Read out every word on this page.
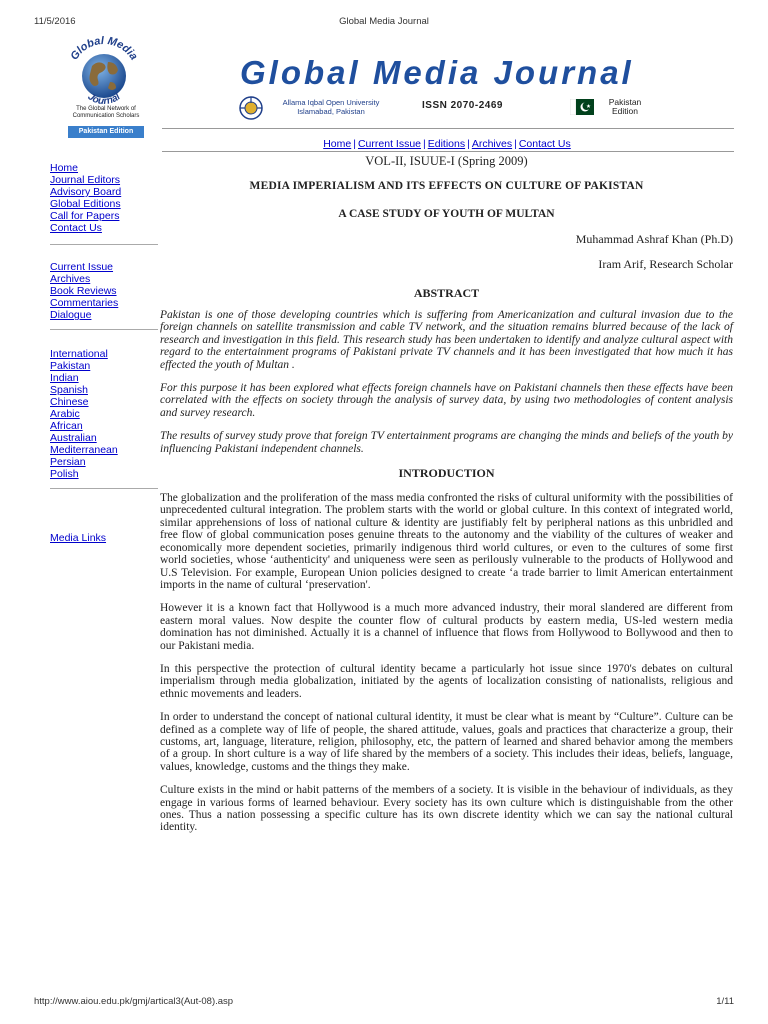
11/5/2016	Global Media Journal
Global Media
Journal
The Global Network of Communication Scholars
Pakistan Edition
Global Media Journal
Allama Iqbal Open University Islamabad, Pakistan
ISSN 2070-2469	Pakistan Edition
Home | Current Issue | Editions | Archives | Contact Us
Home
Journal Editors
Advisory Board
Global Editions
Call for Papers
Contact Us
Current Issue
Archives
Book Reviews
Commentaries
Dialogue
International
Pakistan
Indian
Spanish
Chinese
Arabic
African
Australian
Mediterranean
Persian
Polish
Media Links
VOL-II, ISUUE-I (Spring 2009)
MEDIA IMPERIALISM AND ITS EFFECTS ON CULTURE OF PAKISTAN
A CASE STUDY OF YOUTH OF MULTAN
Muhammad Ashraf Khan (Ph.D)
Iram Arif, Research Scholar
ABSTRACT

Pakistan is one of those developing countries which is suffering from Americanization and cultural invasion due to the foreign channels on satellite transmission and cable TV network, and the situation remains blurred because of the lack of research and investigation in this field. This research study has been undertaken to identify and analyze cultural aspect with regard to the entertainment programs of Pakistani private TV channels and it has been investigated that how much it has effected the youth of Multan .

For this purpose it has been explored what effects foreign channels have on Pakistani channels then these effects have been correlated with the effects on society through the analysis of survey data, by using two methodologies of content analysis and survey research.

The results of survey study prove that foreign TV entertainment programs are changing the minds and beliefs of the youth by influencing Pakistani independent channels.

INTRODUCTION

The globalization and the proliferation of the mass media confronted the risks of cultural uniformity with the possibilities of unprecedented cultural integration. The problem starts with the world or global culture. In this context of integrated world, similar apprehensions of loss of national culture & identity are justifiably felt by peripheral nations as this unbridled and free flow of global communication poses genuine threats to the autonomy and the viability of the cultures of weaker and economically more dependent societies, primarily indigenous third world cultures, or even to the cultures of some first world societies, whose ‘authenticity' and uniqueness were seen as perilously vulnerable to the products of Hollywood and U.S Television. For example, European Union policies designed to create ‘a trade barrier to limit American entertainment imports in the name of cultural ‘preservation'.

However it is a known fact that Hollywood is a much more advanced industry, their moral slandered are different from eastern moral values. Now despite the counter flow of cultural products by eastern media, US-led western media domination has not diminished. Actually it is a channel of influence that flows from Hollywood to Bollywood and then to our Pakistani media.

In this perspective the protection of cultural identity became a particularly hot issue since 1970's debates on cultural imperialism through media globalization, initiated by the agents of localization consisting of nationalists, religious and ethnic movements and leaders.

In order to understand the concept of national cultural identity, it must be clear what is meant by “Culture”. Culture can be defined as a complete way of life of people, the shared attitude, values, goals and practices that characterize a group, their customs, art, language, literature, religion, philosophy, etc, the pattern of learned and shared behavior among the members of a group. In short culture is a way of life shared by the members of a society. This includes their ideas, beliefs, language, values, knowledge, customs and the things they make.

Culture exists in the mind or habit patterns of the members of a society. It is visible in the behaviour of individuals, as they engage in various forms of learned behaviour. Every society has its own culture which is distinguishable from the other ones. Thus a nation possessing a specific culture has its own discrete identity which we can say the national cultural identity.

http://www.aiou.edu.pk/gmj/artical3(Aut-08).asp	1/11
